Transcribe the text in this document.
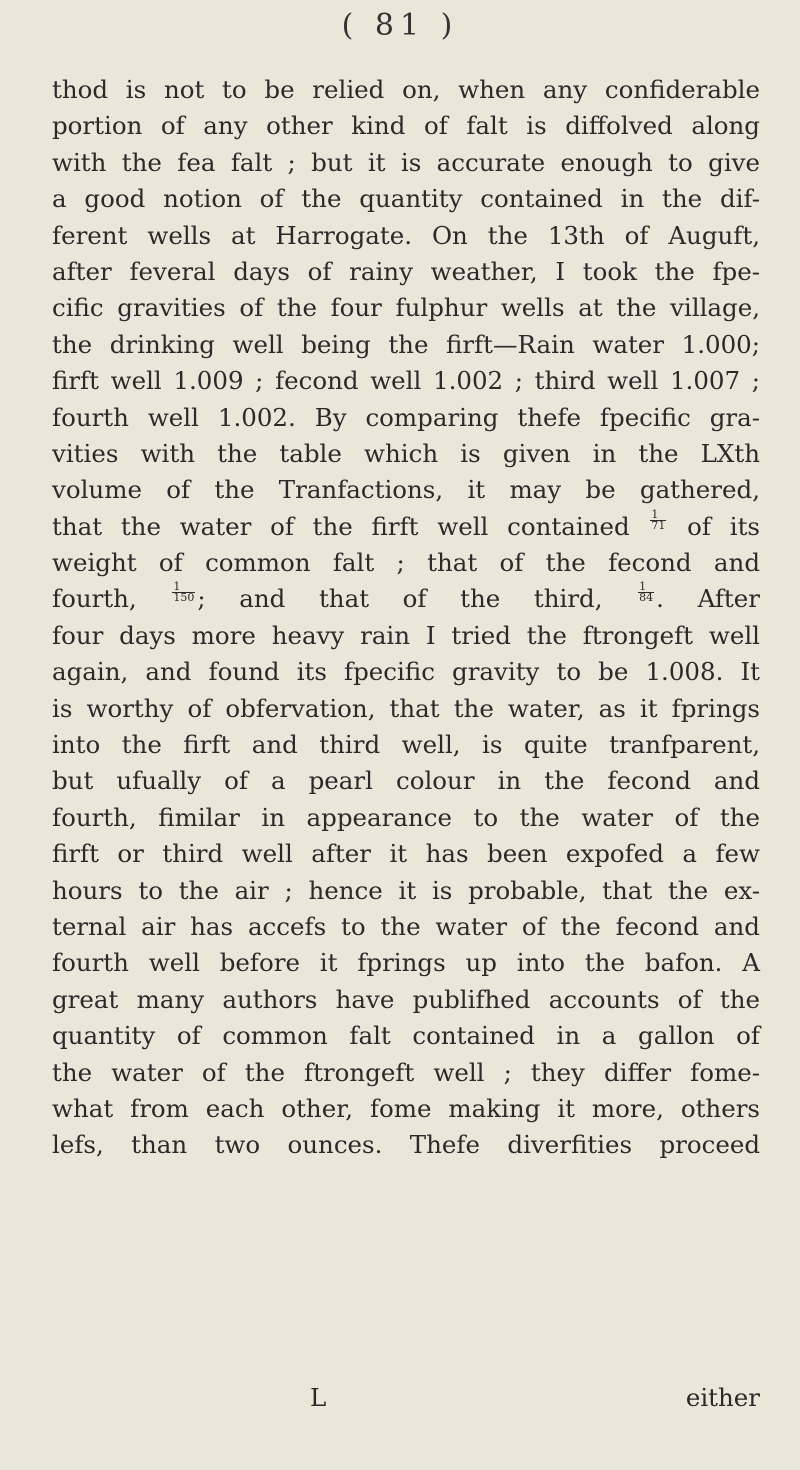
( 81 )
thod is not to be relied on, when any confiderable
portion of any other kind of falt is diffolved along
with the fea falt ; but it is accurate enough to give
a good notion of the quantity contained in the dif-
ferent wells at Harrogate. On the 13th of Auguft,
after feveral days of rainy weather, I took the fpe-
cific gravities of the four fulphur wells at the village,
the drinking well being the firft—Rain water 1.000;
firft well 1.009 ; fecond well 1.002 ; third well 1.007 ;
fourth well 1.002. By comparing thefe fpecific gra-
vities with the table which is given in the LXth
volume of the Tranfactions, it may be gathered,
that the water of the firft well contained $\frac{1}{71}$ of its
weight of common falt ; that of the fecond and
fourth,	$\frac{1}{150}$ ; and that of the third,	$\frac{1}{84}$ . After
four days more heavy rain I tried the ftrongeft well
again, and found its fpecific gravity to be 1.008. It
is worthy of obfervation, that the water, as it fprings
into the firft and third well, is quite tranfparent,
but ufually of a pearl colour in the fecond and
fourth, fimilar in appearance to the water of the
firft or third well after it has been expofed a few
hours to the air ; hence it is probable, that the ex-
ternal air has accefs to the water of the fecond and
fourth well before it fprings up into the bafon. A
great many authors have publifhed accounts of the
quantity of common falt contained in a gallon of
the water of the ftrongeft well ; they differ fome-
what from each other, fome making it more, others
lefs, than two ounces. Thefe diverfities proceed
L	either
